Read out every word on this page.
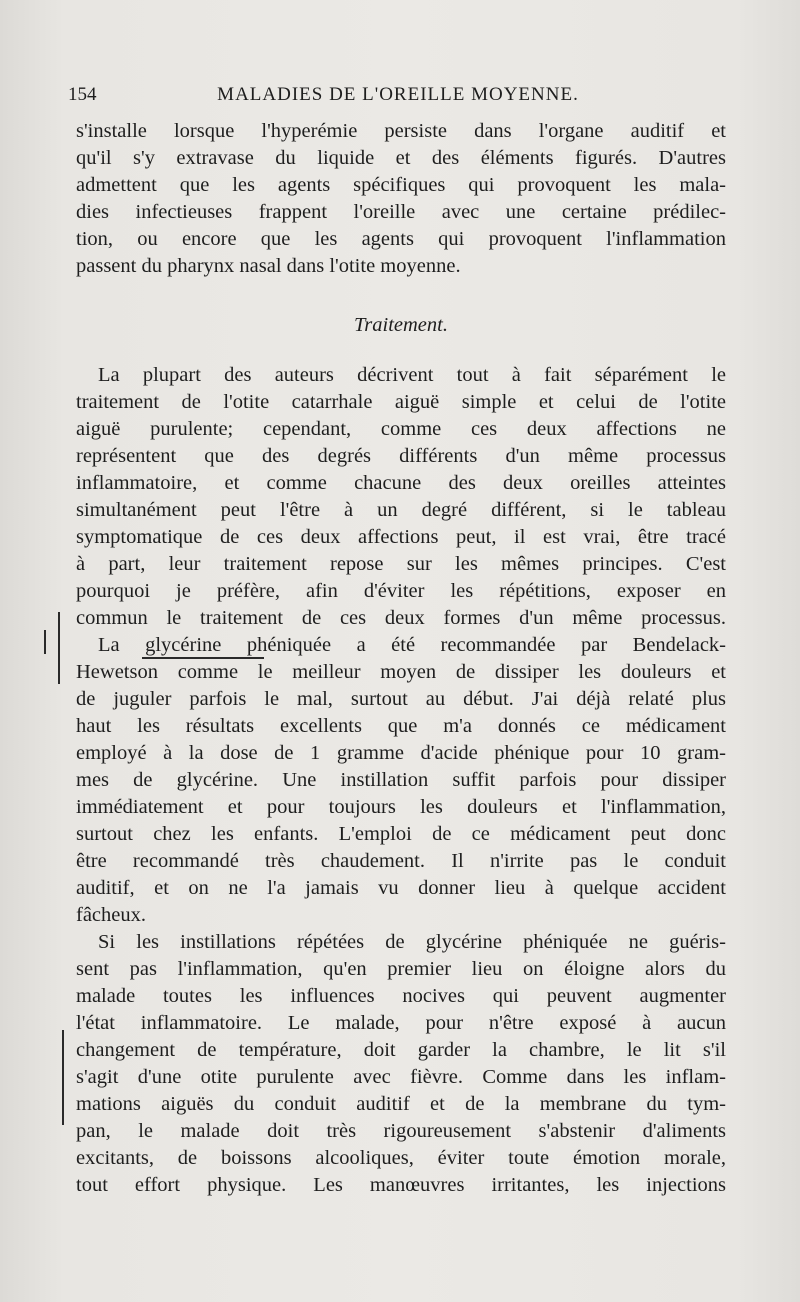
154	MALADIES DE L'OREILLE MOYENNE.
s'installe lorsque l'hyperémie persiste dans l'organe auditif et
qu'il s'y extravase du liquide et des éléments figurés. D'autres
admettent que les agents spécifiques qui provoquent les mala-
dies infectieuses frappent l'oreille avec une certaine prédilec-
tion, ou encore que les agents qui provoquent l'inflammation
passent du pharynx nasal dans l'otite moyenne.
Traitement.
La plupart des auteurs décrivent tout à fait séparément le
traitement de l'otite catarrhale aiguë simple et celui de l'otite
aiguë purulente; cependant, comme ces deux affections ne
représentent que des degrés différents d'un même processus
inflammatoire, et comme chacune des deux oreilles atteintes
simultanément peut l'être à un degré différent, si le tableau
symptomatique de ces deux affections peut, il est vrai, être tracé
à part, leur traitement repose sur les mêmes principes. C'est
pourquoi je préfère, afin d'éviter les répétitions, exposer en
commun le traitement de ces deux formes d'un même processus.
La glycérine phéniquée a été recommandée par Bendelack-
Hewetson comme le meilleur moyen de dissiper les douleurs et
de juguler parfois le mal, surtout au début. J'ai déjà relaté plus
haut les résultats excellents que m'a donnés ce médicament
employé à la dose de 1 gramme d'acide phénique pour 10 gram-
mes de glycérine. Une instillation suffit parfois pour dissiper
immédiatement et pour toujours les douleurs et l'inflammation,
surtout chez les enfants. L'emploi de ce médicament peut donc
être recommandé très chaudement. Il n'irrite pas le conduit
auditif, et on ne l'a jamais vu donner lieu à quelque accident
fâcheux.
Si les instillations répétées de glycérine phéniquée ne guéris-
sent pas l'inflammation, qu'en premier lieu on éloigne alors du
malade toutes les influences nocives qui peuvent augmenter
l'état inflammatoire. Le malade, pour n'être exposé à aucun
changement de température, doit garder la chambre, le lit s'il
s'agit d'une otite purulente avec fièvre. Comme dans les inflam-
mations aiguës du conduit auditif et de la membrane du tym-
pan, le malade doit très rigoureusement s'abstenir d'aliments
excitants, de boissons alcooliques, éviter toute émotion morale,
tout effort physique. Les manœuvres irritantes, les injections
